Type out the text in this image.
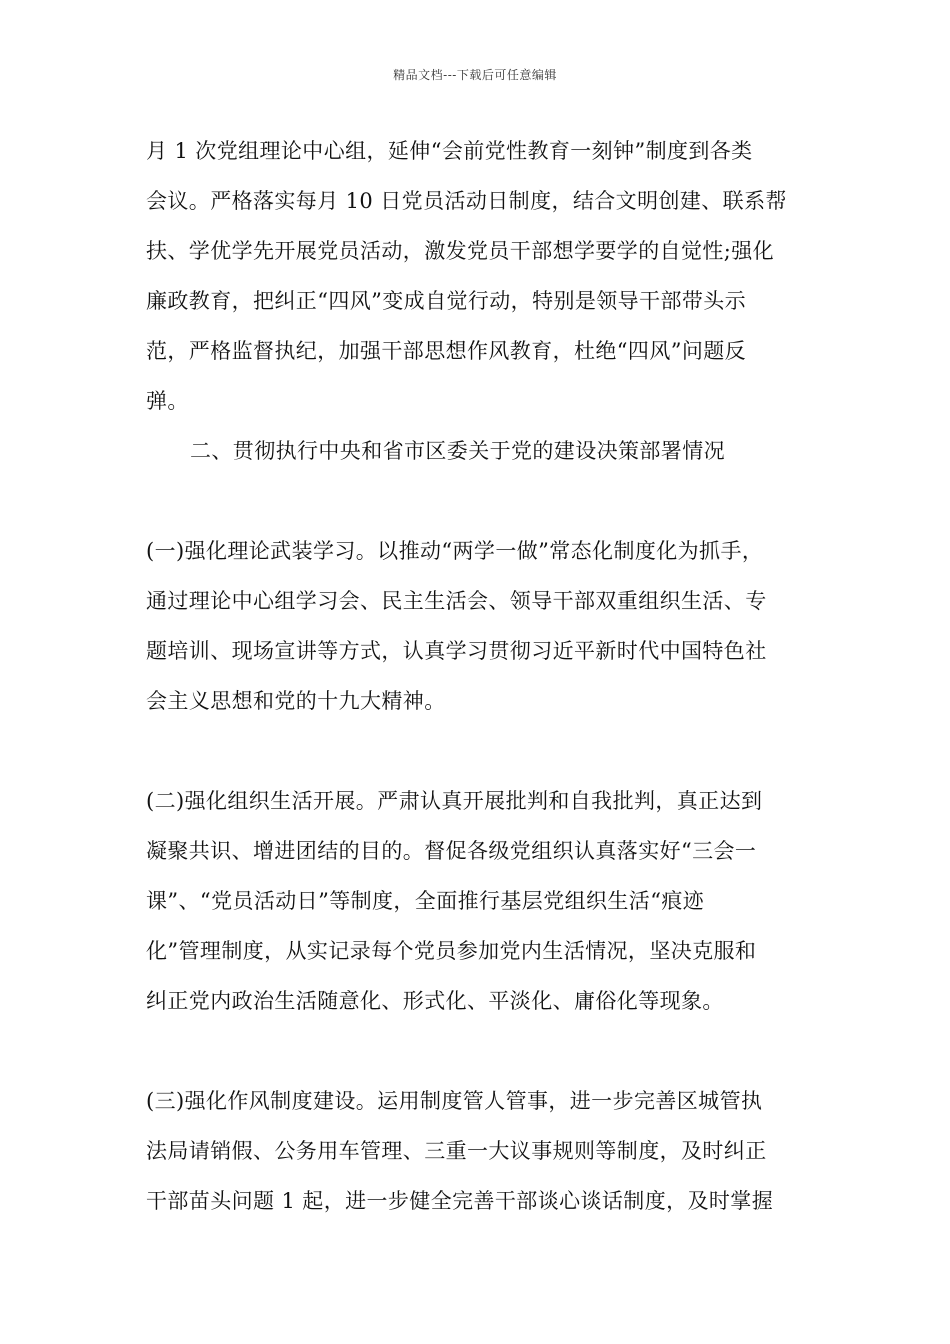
精品文档---下载后可任意编辑
月 1 次党组理论中心组，延伸“会前党性教育一刻钟”制度到各类
会议。严格落实每月 10 日党员活动日制度，结合文明创建、联系帮
扶、学优学先开展党员活动，激发党员干部想学要学的自觉性;强化
廉政教育，把纠正“四风”变成自觉行动，特别是领导干部带头示
范，严格监督执纪，加强干部思想作风教育，杜绝“四风”问题反
弹。
二、贯彻执行中央和省市区委关于党的建设决策部署情况
(一)强化理论武装学习。以推动“两学一做”常态化制度化为抓手，
通过理论中心组学习会、民主生活会、领导干部双重组织生活、专
题培训、现场宣讲等方式，认真学习贯彻习近平新时代中国特色社
会主义思想和党的十九大精神。
(二)强化组织生活开展。严肃认真开展批判和自我批判，真正达到
凝聚共识、增进团结的目的。督促各级党组织认真落实好“三会一
课”、“党员活动日”等制度，全面推行基层党组织生活“痕迹
化”管理制度，从实记录每个党员参加党内生活情况，坚决克服和
纠正党内政治生活随意化、形式化、平淡化、庸俗化等现象。
(三)强化作风制度建设。运用制度管人管事，进一步完善区城管执
法局请销假、公务用车管理、三重一大议事规则等制度，及时纠正
干部苗头问题 1 起，进一步健全完善干部谈心谈话制度，及时掌握
